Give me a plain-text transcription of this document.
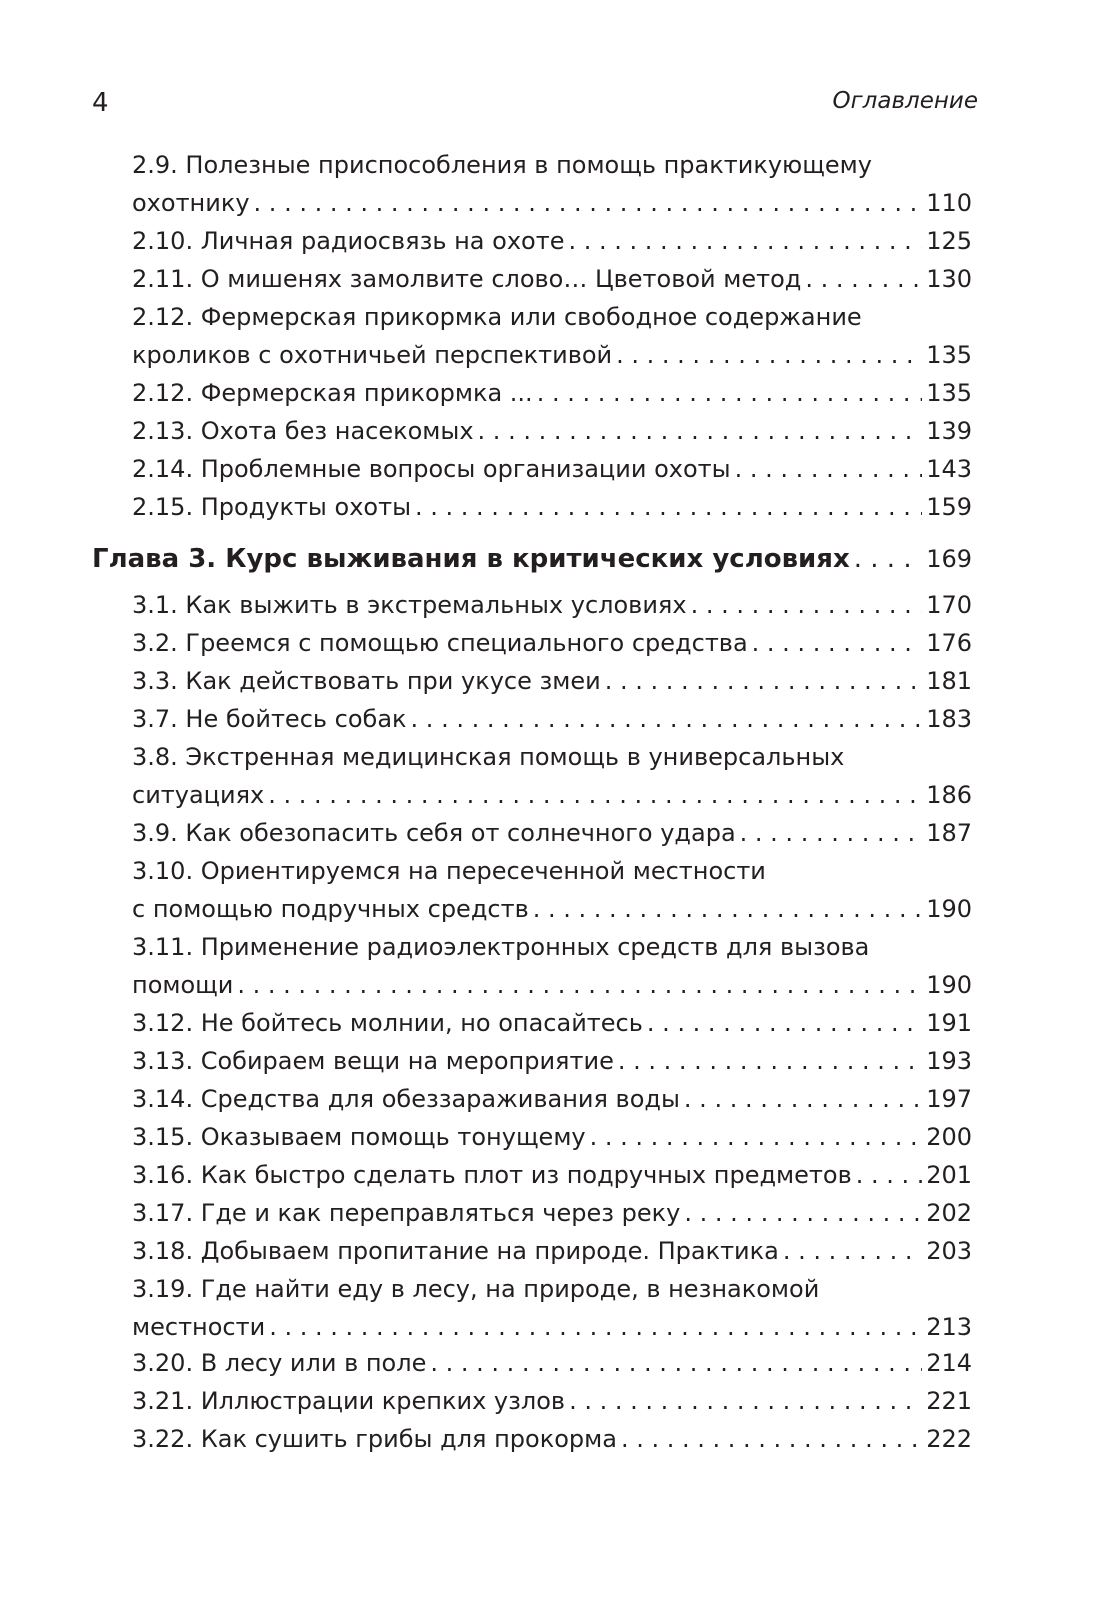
4	Оглавление
2.9. Полезные приспособления в помощь практикующему
охотнику . . .	110
2.10. Личная радиосвязь на охоте . . .	125
2.11. О мишенях замолвите слово… Цветовой метод . . .	130
2.12. Фермерская прикормка или свободное содержание
кроликов с охотничьей перспективой . . .	135
2.12. Фермерская прикормка ... . . .	135
2.13. Охота без насекомых . . .	139
2.14. Проблемные вопросы организации охоты . . .	143
2.15. Продукты охоты . . .	159
Глава 3. Курс выживания в критических условиях . . .	169
3.1. Как выжить в экстремальных условиях . . .	170
3.2. Греемся с помощью специального средства . . .	176
3.3. Как действовать при укусе змеи . . .	181
3.7. Не бойтесь собак . . .	183
3.8. Экстренная медицинская помощь в универсальных
ситуациях . . .	186
3.9. Как обезопасить себя от солнечного удара . . .	187
3.10. Ориентируемся на пересеченной местности
с помощью подручных средств . . .	190
3.11. Применение радиоэлектронных средств для вызова
помощи . . .	190
3.12. Не бойтесь молнии, но опасайтесь . . .	191
3.13. Собираем вещи на мероприятие . . .	193
3.14. Средства для обеззараживания воды . . .	197
3.15. Оказываем помощь тонущему . . .	200
3.16. Как быстро сделать плот из подручных предметов . . .	201
3.17. Где и как переправляться через реку . . .	202
3.18. Добываем пропитание на природе. Практика . . .	203
3.19. Где найти еду в лесу, на природе, в незнакомой
местности . . .	213
3.20. В лесу или в поле . . .	214
3.21. Иллюстрации крепких узлов . . .	221
3.22. Как сушить грибы для прокорма . . .	222
